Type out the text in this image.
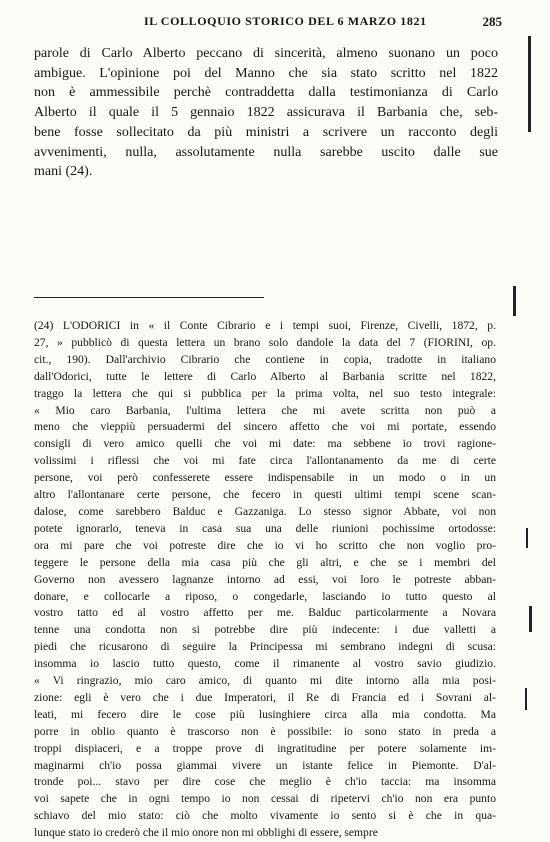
IL COLLOQUIO STORICO DEL 6 MARZO 1821	285
parole di Carlo Alberto peccano di sincerità, almeno suonano un poco
ambigue. L'opinione poi del Manno che sia stato scritto nel 1822
non è ammessibile perchè contraddetta dalla testimonianza di Carlo
Alberto il quale il 5 gennaio 1822 assicurava il Barbania che, seb-
bene fosse sollecitato da più ministri a scrivere un racconto degli
avvenimenti, nulla, assolutamente nulla sarebbe uscito dalle sue
mani (24).
(24) L'ODORICI in « il Conte Cibrario e i tempi suoi, Firenze, Civelli, 1872, p.
27, » pubblicò di questa lettera un brano solo dandole la data del 7 (FIORINI, op.
cit., 190). Dall'archivio Cibrario che contiene in copia, tradotte in italiano
dall'Odorici, tutte le lettere di Carlo Alberto al Barbania scritte nel 1822,
traggo la lettera che qui si pubblica per la prima volta, nel suo testo integrale:
« Mio caro Barbania, l'ultima lettera che mi avete scritta non può a
meno che vieppiù persuadermi del sincero affetto che voi mi portate, essendo
consigli di vero amico quelli che voi mi date: ma sebbene io trovi ragione-
volissimi i riflessi che voi mi fate circa l'allontanamento da me di certe
persone, voi però confesserete essere indispensabile in un modo o in un
altro l'allontanare certe persone, che fecero in questi ultimi tempi scene scan-
dalose, come sarebbero Balduc e Gazzaniga. Lo stesso signor Abbate, voi non
potete ignorarlo, teneva in casa sua una delle riunioni pochissime ortodosse:
ora mi pare che voi potreste dire che io vi ho scritto che non voglio pro-
teggere le persone della mia casa più che gli altri, e che se i membri del
Governo non avessero lagnanze intorno ad essi, voi loro le potreste abban-
donare, e collocarle a riposo, o congedarle, lasciando io tutto questo al
vostro tatto ed al vostro affetto per me. Balduc particolarmente a Novara
tenne una condotta non si potrebbe dire più indecente: i due valletti a
piedi che ricusarono di seguire la Principessa mi sembrano indegni di scusa:
insomma io lascio tutto questo, come il rimanente al vostro savio giudizio.
« Vi ringrazio, mio caro amico, di quanto mi dite intorno alla mia posi-
zione: egli è vero che i due Imperatori, il Re di Francia ed i Sovrani al-
leati, mi fecero dire le cose più lusinghiere circa alla mia condotta. Ma
porre in oblio quanto è trascorso non è possibile: io sono stato in preda a
troppi dispiaceri, e a troppe prove di ingratitudine per potere solamente im-
maginarmi ch'io possa giammai vivere un istante felice in Piemonte. D'al-
tronde poi... stavo per dire cose che meglio è ch'io taccia: ma insomma
voi sapete che in ogni tempo io non cessai di ripetervi ch'io non era punto
schiavo del mio stato: ciò che molto vivamente io sento si è che in qua-
lunque stato io crederò che il mio onore non mi obblighi di essere, sempre
